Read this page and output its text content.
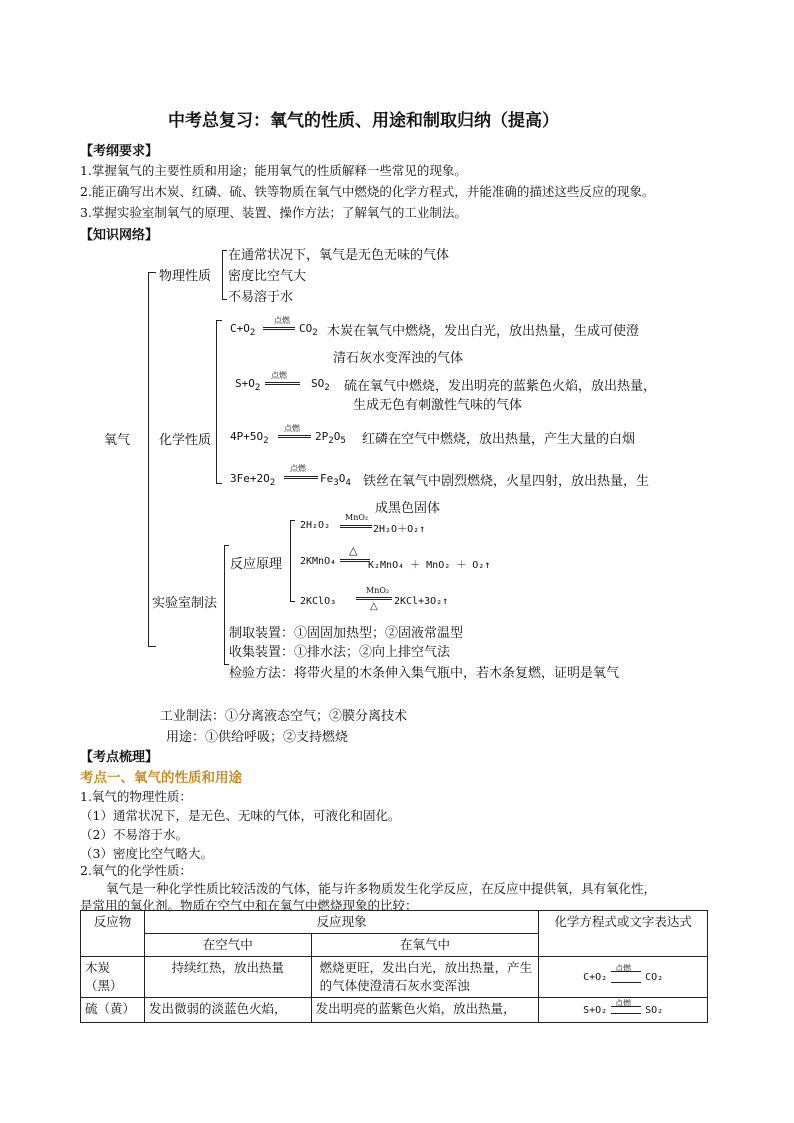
中考总复习：氧气的性质、用途和制取归纳（提高）
【考纲要求】
1.掌握氧气的主要性质和用途；能用氧气的性质解释一些常见的现象。
2.能正确写出木炭、红磷、硫、铁等物质在氧气中燃烧的化学方程式，并能准确的描述这些反应的现象。
3.掌握实验室制氧气的原理、装置、操作方法；了解氧气的工业制法。
【知识网络】
氧气
物理性质
在通常状况下，氧气是无色无味的气体
密度比空气大
不易溶于水
化学性质
$C+O_2$
点燃
$CO_2$ 木炭在氧气中燃烧，发出白光，放出热量，生成可使澄
清石灰水变浑浊的气体
$S+O_2$
点燃
$SO_2$ 硫在氧气中燃烧，发出明亮的蓝紫色火焰，放出热量，
生成无色有刺激性气味的气体
$4P+5O_2$
点燃
$2P_2O_5$ 红磷在空气中燃烧，放出热量，产生大量的白烟
$3Fe+2O_2$
点燃
$Fe_3O_4$ 铁丝在氧气中剧烈燃烧，火星四射，放出热量，生
成黑色固体
实验室制法
反应原理
2H₂O₂
MnO₂
2H₂O＋O₂↑
2KMnO₄
△
K₂MnO₄ ＋ MnO₂ ＋ O₂↑
2KClO₃
MnO₂
△ 2KCl+3O₂↑
制取装置：①固固加热型；②固液常温型
收集装置：①排水法；②向上排空气法
检验方法：将带火星的木条伸入集气瓶中，若木条复燃，证明是氧气
工业制法：①分离液态空气；②膜分离技术
用途：①供给呼吸；②支持燃烧
【考点梳理】
考点一、氧气的性质和用途
1.氧气的物理性质：
（1）通常状况下，是无色、无味的气体，可液化和固化。
（2）不易溶于水。
（3）密度比空气略大。
2.氧气的化学性质：
氧气是一种化学性质比较活泼的气体，能与许多物质发生化学反应，在反应中提供氧，具有氧化性，
是常用的氧化剂。物质在空气中和在氧气中燃烧现象的比较：
反应物	反应现象		化学方程式或文字表达式
	在空气中	在氧气中	
木炭（黑）	持续红热，放出热量	燃烧更旺，发出白光，放出热量，产生的气体使澄清石灰水变浑浊	C+O₂
点燃
CO₂
硫（黄）	发出微弱的淡蓝色火焰，	发出明亮的蓝紫色火焰，放出热量，	S+O₂
点燃
SO₂
